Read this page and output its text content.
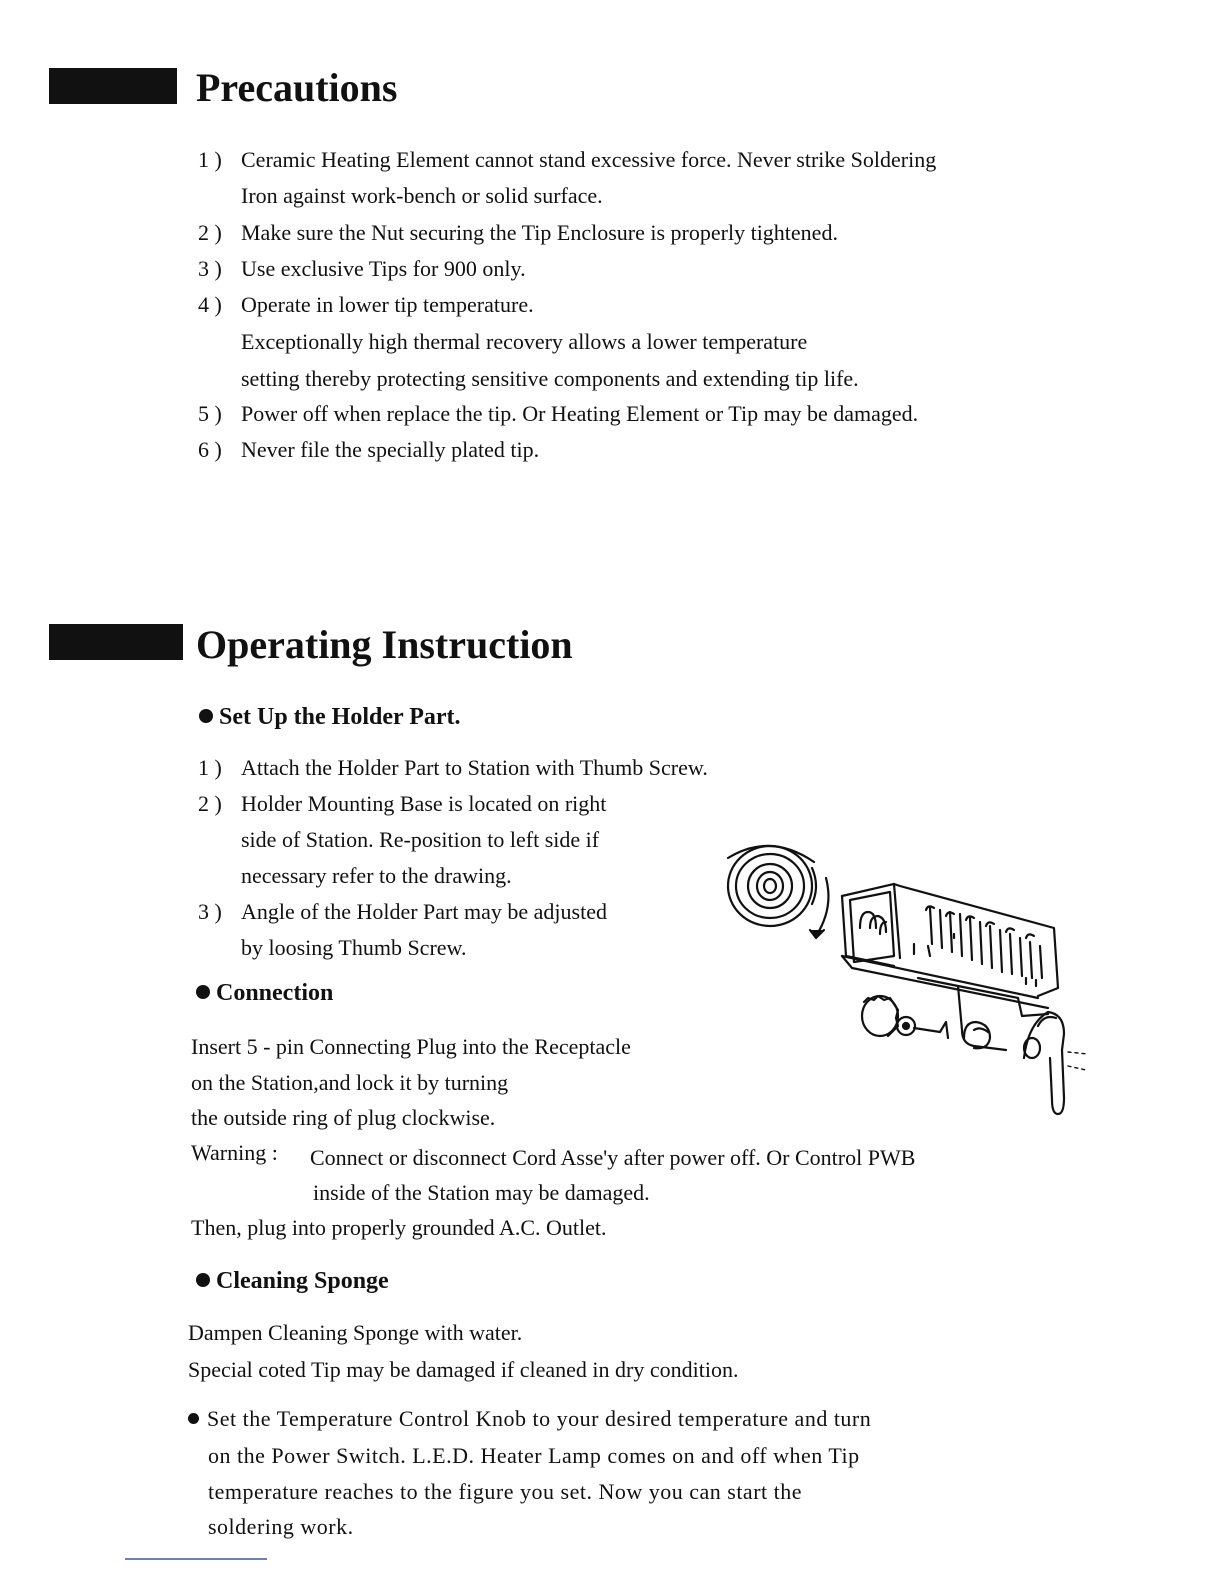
Precautions
1 ) Ceramic Heating Element cannot stand excessive force. Never strike Soldering
Iron against work-bench or solid surface.
2 ) Make sure the Nut securing the Tip Enclosure is properly tightened.
3 ) Use exclusive Tips for 900 only.
4 ) Operate in lower tip temperature.
Exceptionally high thermal recovery allows a lower temperature
setting thereby protecting sensitive components and extending tip life.
5 ) Power off when replace the tip. Or Heating Element or Tip may be damaged.
6 ) Never file the specially plated tip.
Operating Instruction
Set Up the Holder Part.
1 ) Attach the Holder Part to Station with Thumb Screw.
2 ) Holder Mounting Base is located on right
side of Station. Re-position to left side if
necessary refer to the drawing.
3 ) Angle of the Holder Part may be adjusted
by loosing Thumb Screw.
Connection
Insert 5 - pin Connecting Plug into the Receptacle
on the Station,and lock it by turning
the outside ring of plug clockwise.
Warning : Connect or disconnect Cord Asse'y after power off. Or Control PWB
inside of the Station may be damaged.
Then, plug into properly grounded A.C. Outlet.
Cleaning Sponge
Dampen Cleaning Sponge with water.
Special coted Tip may be damaged if cleaned in dry condition.
Set the Temperature Control Knob to your desired temperature and turn
on the Power Switch. L.E.D. Heater Lamp comes on and off when Tip
temperature reaches to the figure you set. Now you can start the
soldering work.
